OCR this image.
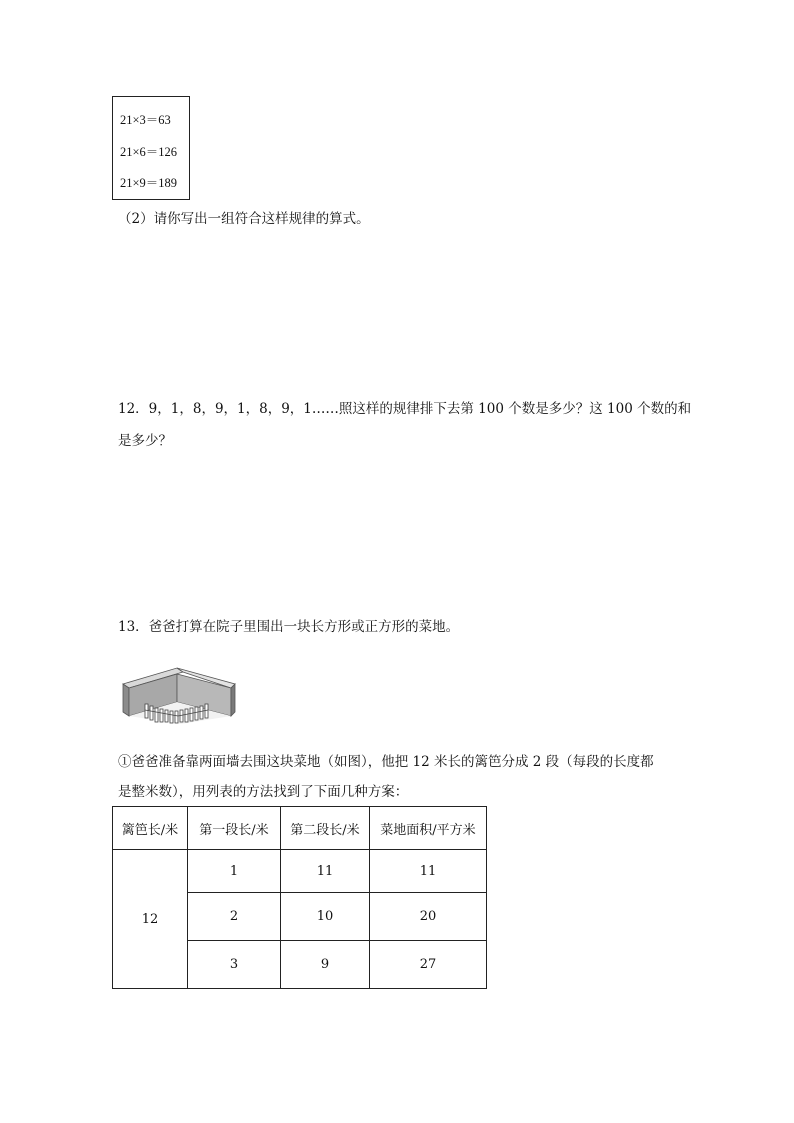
21×3＝63
21×6＝126
21×9＝189
（2）请你写出一组符合这样规律的算式。
12．9，1，8，9，1，8，9，1……照这样的规律排下去第 100 个数是多少？这 100 个数的和
是多少？
13．爸爸打算在院子里围出一块长方形或正方形的菜地。
①爸爸准备靠两面墙去围这块菜地（如图），他把 12 米长的篱笆分成 2 段（每段的长度都
是整米数），用列表的方法找到了下面几种方案：
篱笆长/米	第一段长/米	第二段长/米	菜地面积/平方米
12	1	11	11
	2	10	20
	3	9	27
